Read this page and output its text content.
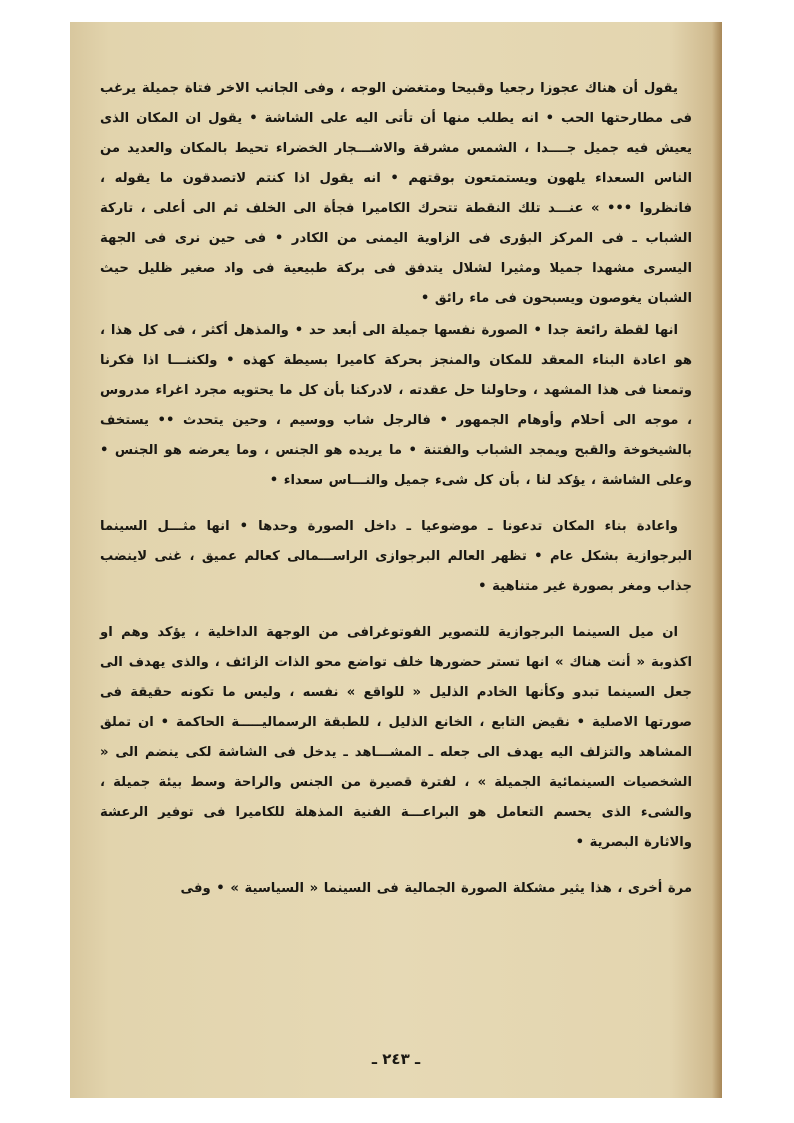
يقول أن هناك عجوزا رجعيا وقبيحا ومتغضن الوجه ، وفى الجانب الاخر فتاة جميلة يرغب فى مطارحتها الحب • انه يطلب منها أن تأتى اليه على الشاشة • يقول ان المكان الذى يعيش فيه جميل جــــدا ، الشمس مشرقة والاشـــجار الخضراء تحيط بالمكان والعديد من الناس السعداء يلهون ويستمتعون بوقتهم • انه يقول اذا كنتم لاتصدقون ما يقوله ، فانظروا ••• » عنـــد تلك النقطة تتحرك الكاميرا فجأة الى الخلف ثم الى أعلى ، تاركة الشباب ـ فى المركز البؤرى فى الزاوية اليمنى من الكادر • فى حين نرى فى الجهة اليسرى مشهدا جميلا ومثيرا لشلال يتدفق فى بركة طبيعية فى واد صغير ظليل حيث الشبان يغوصون ويسبحون فى ماء رائق •

انها لقطة رائعة جدا • الصورة نفسها جميلة الى أبعد حد • والمذهل أكثر ، فى كل هذا ، هو اعادة البناء المعقد للمكان والمنجز بحركة كاميرا بسيطة كهذه • ولكننـــا اذا فكرنا وتمعنا فى هذا المشهد ، وحاولنا حل عقدته ، لادركنا بأن كل ما يحتويه مجرد اغراء مدروس ، موجه الى أحلام وأوهام الجمهور • فالرجل شاب ووسيم ، وحين يتحدث •• يستخف بالشيخوخة والقبح ويمجد الشباب والفتنة • ما يريده هو الجنس ، وما يعرضه هو الجنس • وعلى الشاشة ، يؤكد لنا ، بأن كل شىء جميل والنـــاس سعداء •

واعادة بناء المكان تدعونا ـ موضوعيا ـ داخل الصورة وحدها • انها مثـــل السينما البرجوازية بشكل عام • تظهر العالم البرجوازى الراســـمالى كعالم عميق ، غنى لاينضب جذاب ومغر بصورة غير متناهية •

ان ميل السينما البرجوازية للتصوير الفوتوغرافى من الوجهة الداخلية ، يؤكد وهم او اكذوبة « أنت هناك » انها تستر حضورها خلف تواضع محو الذات الزائف ، والذى يهدف الى جعل السينما تبدو وكأنها الخادم الذليل « للواقع » نفسه ، وليس ما تكونه حقيقة فى صورتها الاصلية • نقيض التابع ، الخانع الذليل ، للطبقة الرسماليـــــة الحاكمة • ان تملق المشاهد والتزلف اليه يهدف الى جعله ـ المشـــاهد ـ يدخل فى الشاشة لكى ينضم الى « الشخصيات السينمائية الجميلة » ، لفترة قصيرة من الجنس والراحة وسط بيئة جميلة ، والشىء الذى يحسم التعامل هو البراعـــة الفنية المذهلة للكاميرا فى توفير الرعشة والاثارة البصرية •

مرة أخرى ، هذا يثير مشكلة الصورة الجمالية فى السينما « السياسية » • وفى

ـ ٢٤٣ ـ
